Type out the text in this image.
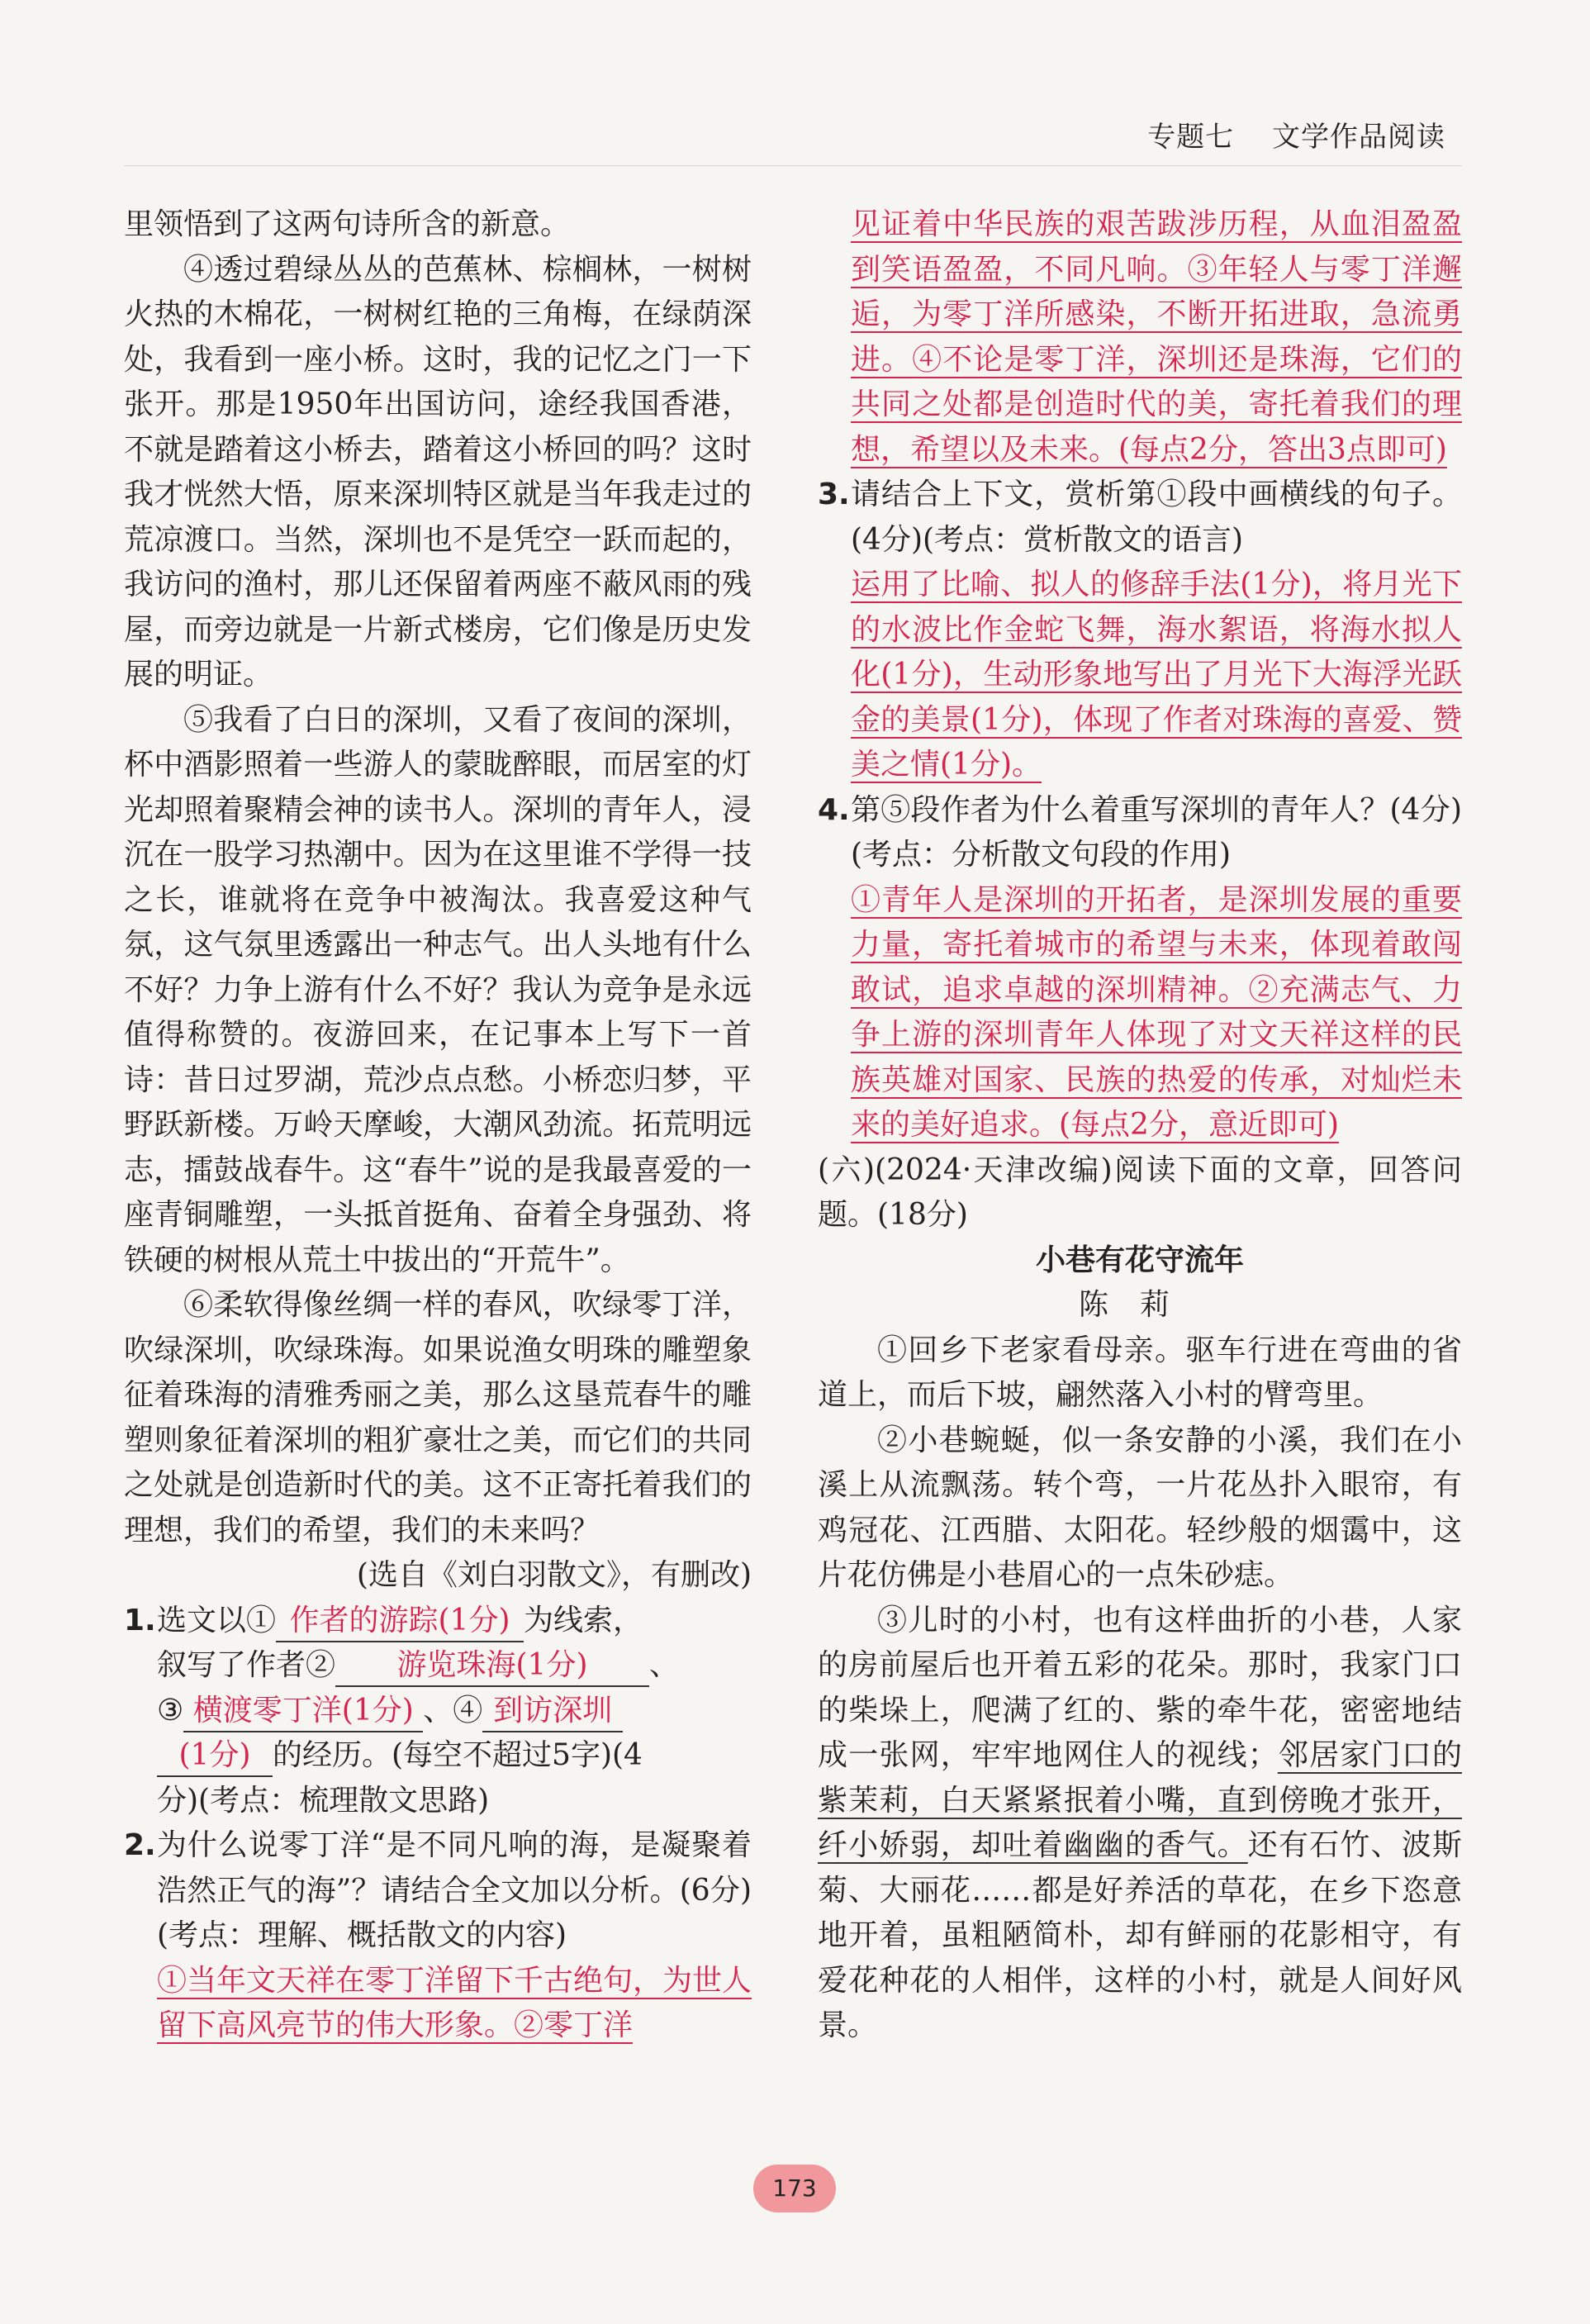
专题七 文学作品阅读

里领悟到了这两句诗所含的新意。

④透过碧绿丛丛的芭蕉林、棕榈林，一树树火热的木棉花，一树树红艳的三角梅，在绿荫深处，我看到一座小桥。这时，我的记忆之门一下张开。那是1950年出国访问，途经我国香港，不就是踏着这小桥去，踏着这小桥回的吗？这时我才恍然大悟，原来深圳特区就是当年我走过的荒凉渡口。当然，深圳也不是凭空一跃而起的，我访问的渔村，那儿还保留着两座不蔽风雨的残屋，而旁边就是一片新式楼房，它们像是历史发展的明证。

⑤我看了白日的深圳，又看了夜间的深圳，杯中酒影照着一些游人的蒙眬醉眼，而居室的灯光却照着聚精会神的读书人。深圳的青年人，浸沉在一股学习热潮中。因为在这里谁不学得一技之长，谁就将在竞争中被淘汰。我喜爱这种气氛，这气氛里透露出一种志气。出人头地有什么不好？力争上游有什么不好？我认为竞争是永远值得称赞的。夜游回来，在记事本上写下一首诗：昔日过罗湖，荒沙点点愁。小桥恋归梦，平野跃新楼。万岭天摩峻，大潮风劲流。拓荒明远志，擂鼓战春牛。这“春牛”说的是我最喜爱的一座青铜雕塑，一头抵首挺角、奋着全身强劲、将铁硬的树根从荒土中拔出的“开荒牛”。

⑥柔软得像丝绸一样的春风，吹绿零丁洋，吹绿深圳，吹绿珠海。如果说渔女明珠的雕塑象征着珠海的清雅秀丽之美，那么这垦荒春牛的雕塑则象征着深圳的粗犷豪壮之美，而它们的共同之处就是创造新时代的美。这不正寄托着我们的理想，我们的希望，我们的未来吗？

(选自《刘白羽散文》，有删改)

1. 选文以① 作者的游踪(1分) 为线索，
叙写了作者② 游览珠海(1分) 、
③ 横渡零丁洋(1分) 、④ 到访深圳
(1分) 的经历。(每空不超过5字)(4
分)(考点：梳理散文思路)
2. 为什么说零丁洋“是不同凡响的海，是凝聚着浩然正气的海”？请结合全文加以分析。(6分)(考点：理解、概括散文的内容)
①当年文天祥在零丁洋留下千古绝句，为世人留下高风亮节的伟大形象。②零丁洋
见证着中华民族的艰苦跋涉历程，从血泪盈盈到笑语盈盈，不同凡响。③年轻人与零丁洋邂逅，为零丁洋所感染，不断开拓进取，急流勇进。④不论是零丁洋，深圳还是珠海，它们的共同之处都是创造时代的美，寄托着我们的理想，希望以及未来。(每点2分，答出3点即可)
3. 请结合上下文，赏析第①段中画横线的句子。(4分)(考点：赏析散文的语言)
运用了比喻、拟人的修辞手法(1分)，将月光下的水波比作金蛇飞舞，海水絮语，将海水拟人化(1分)，生动形象地写出了月光下大海浮光跃金的美景(1分)，体现了作者对珠海的喜爱、赞美之情(1分)。
4. 第⑤段作者为什么着重写深圳的青年人？(4分)(考点：分析散文句段的作用)
①青年人是深圳的开拓者，是深圳发展的重要力量，寄托着城市的希望与未来，体现着敢闯敢试，追求卓越的深圳精神。②充满志气、力争上游的深圳青年人体现了对文天祥这样的民族英雄对国家、民族的热爱的传承，对灿烂未来的美好追求。(每点2分，意近即可)

(六)(2024·天津改编)阅读下面的文章，回答问题。(18分)

小巷有花守流年

陈莉

①回乡下老家看母亲。驱车行进在弯曲的省道上，而后下坡，翩然落入小村的臂弯里。

②小巷蜿蜒，似一条安静的小溪，我们在小溪上从流飘荡。转个弯，一片花丛扑入眼帘，有鸡冠花、江西腊、太阳花。轻纱般的烟霭中，这片花仿佛是小巷眉心的一点朱砂痣。

③儿时的小村，也有这样曲折的小巷，人家的房前屋后也开着五彩的花朵。那时，我家门口的柴垛上，爬满了红的、紫的牵牛花，密密地结成一张网，牢牢地网住人的视线；邻居家门口的紫茉莉，白天紧紧抿着小嘴，直到傍晚才张开，纤小娇弱，却吐着幽幽的香气。还有石竹、波斯菊、大丽花……都是好养活的草花，在乡下恣意地开着，虽粗陋简朴，却有鲜丽的花影相守，有爱花种花的人相伴，这样的小村，就是人间好风景。

173
